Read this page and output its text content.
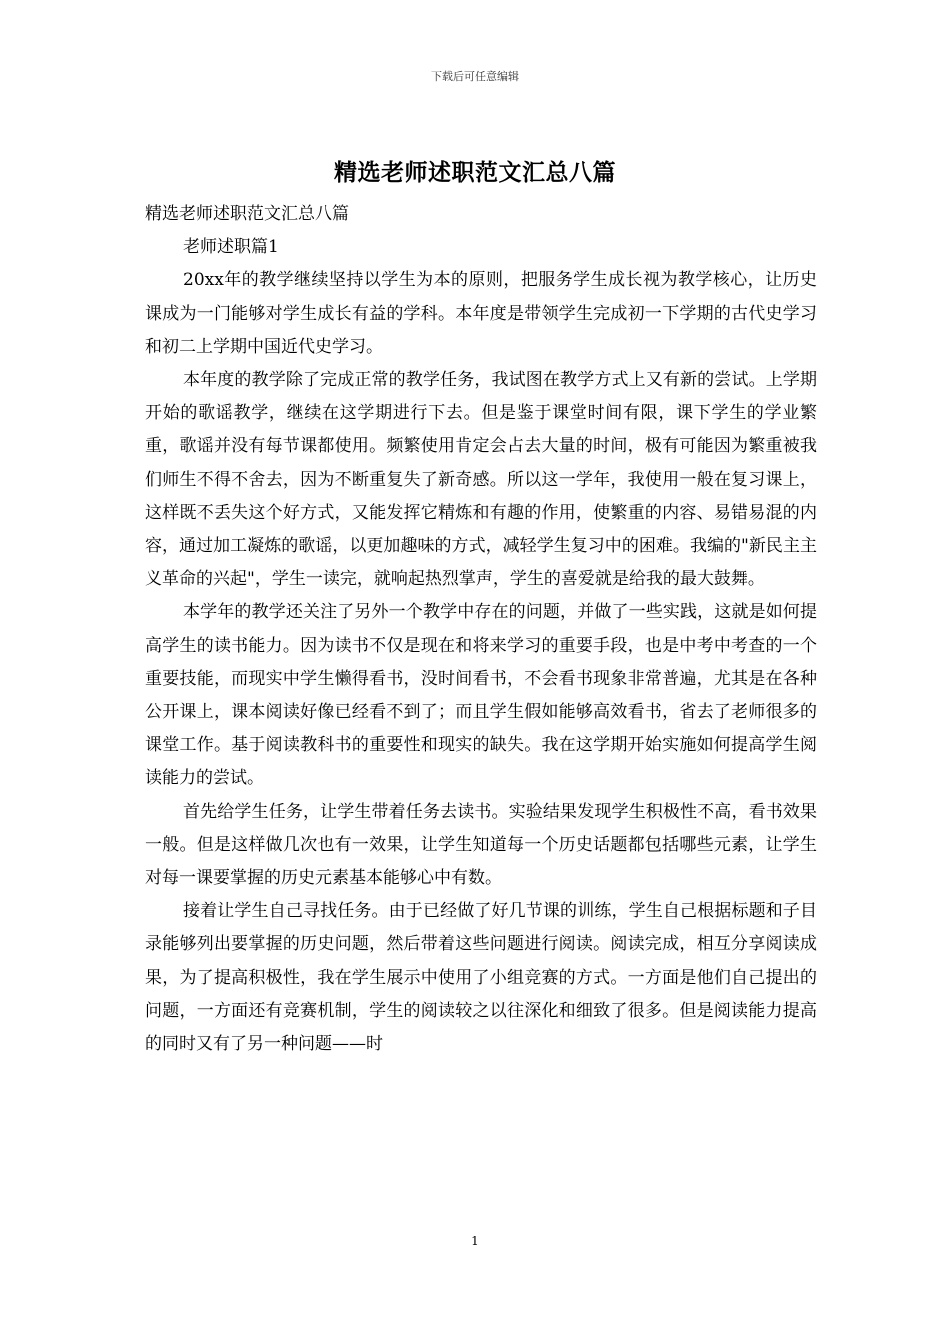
下载后可任意编辑
精选老师述职范文汇总八篇

精选老师述职范文汇总八篇

老师述职篇1

20xx年的教学继续坚持以学生为本的原则，把服务学生成长视为教学核心，让历史课成为一门能够对学生成长有益的学科。本年度是带领学生完成初一下学期的古代史学习和初二上学期中国近代史学习。

本年度的教学除了完成正常的教学任务，我试图在教学方式上又有新的尝试。上学期开始的歌谣教学，继续在这学期进行下去。但是鉴于课堂时间有限，课下学生的学业繁重，歌谣并没有每节课都使用。频繁使用肯定会占去大量的时间，极有可能因为繁重被我们师生不得不舍去，因为不断重复失了新奇感。所以这一学年，我使用一般在复习课上，这样既不丢失这个好方式，又能发挥它精炼和有趣的作用，使繁重的内容、易错易混的内容，通过加工凝炼的歌谣，以更加趣味的方式，减轻学生复习中的困难。我编的"新民主主义革命的兴起"，学生一读完，就响起热烈掌声，学生的喜爱就是给我的最大鼓舞。

本学年的教学还关注了另外一个教学中存在的问题，并做了一些实践，这就是如何提高学生的读书能力。因为读书不仅是现在和将来学习的重要手段，也是中考中考查的一个重要技能，而现实中学生懒得看书，没时间看书，不会看书现象非常普遍，尤其是在各种公开课上，课本阅读好像已经看不到了；而且学生假如能够高效看书，省去了老师很多的课堂工作。基于阅读教科书的重要性和现实的缺失。我在这学期开始实施如何提高学生阅读能力的尝试。

首先给学生任务，让学生带着任务去读书。实验结果发现学生积极性不高，看书效果一般。但是这样做几次也有一效果，让学生知道每一个历史话题都包括哪些元素，让学生对每一课要掌握的历史元素基本能够心中有数。

接着让学生自己寻找任务。由于已经做了好几节课的训练，学生自己根据标题和子目录能够列出要掌握的历史问题，然后带着这些问题进行阅读。阅读完成，相互分享阅读成果，为了提高积极性，我在学生展示中使用了小组竞赛的方式。一方面是他们自己提出的问题，一方面还有竞赛机制，学生的阅读较之以往深化和细致了很多。但是阅读能力提高的同时又有了另一种问题——时

1
